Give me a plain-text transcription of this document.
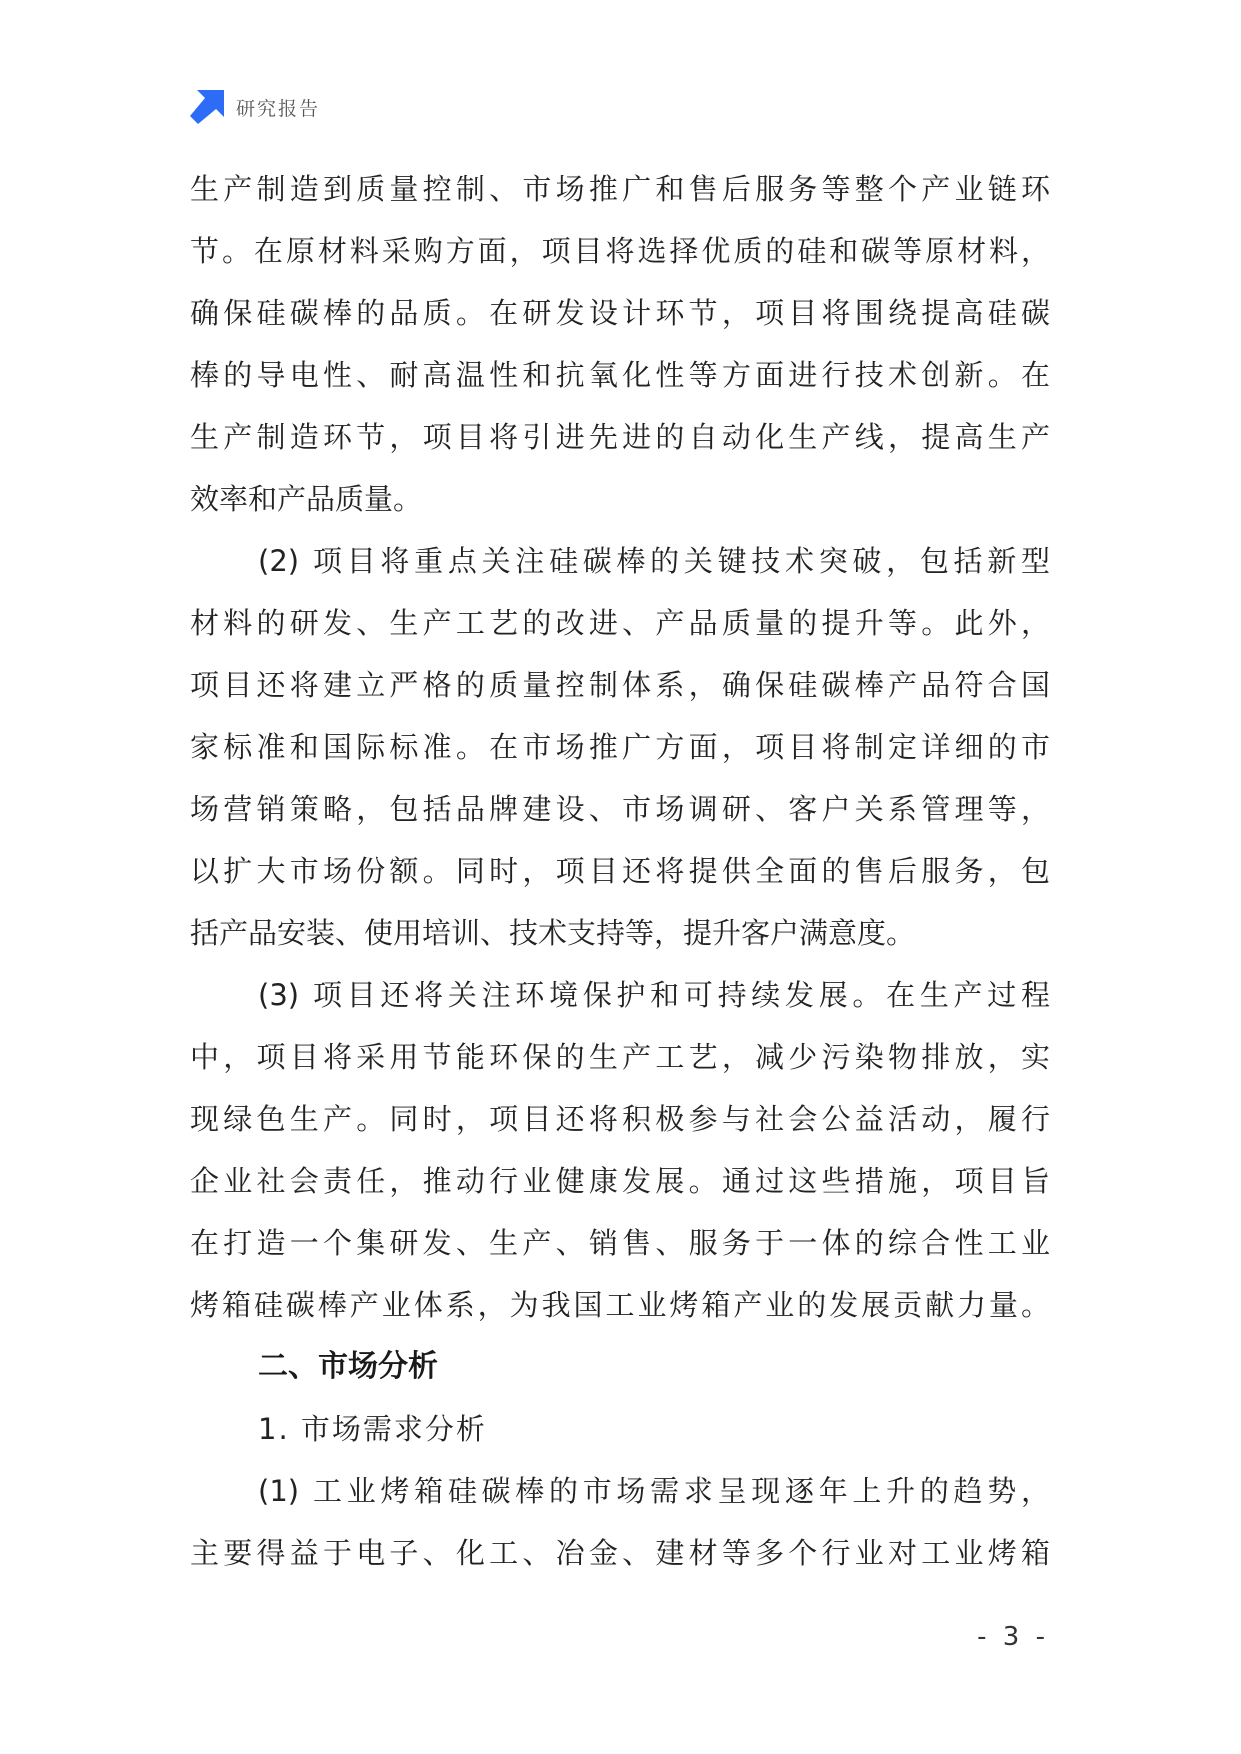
研究报告
生产制造到质量控制、市场推广和售后服务等整个产业链环
节。在原材料采购方面，项目将选择优质的硅和碳等原材料，
确保硅碳棒的品质。在研发设计环节，项目将围绕提高硅碳
棒的导电性、耐高温性和抗氧化性等方面进行技术创新。在
生产制造环节，项目将引进先进的自动化生产线，提高生产
效率和产品质量。
(2) 项目将重点关注硅碳棒的关键技术突破，包括新型
材料的研发、生产工艺的改进、产品质量的提升等。此外，
项目还将建立严格的质量控制体系，确保硅碳棒产品符合国
家标准和国际标准。在市场推广方面，项目将制定详细的市
场营销策略，包括品牌建设、市场调研、客户关系管理等，
以扩大市场份额。同时，项目还将提供全面的售后服务，包
括产品安装、使用培训、技术支持等，提升客户满意度。
(3) 项目还将关注环境保护和可持续发展。在生产过程
中，项目将采用节能环保的生产工艺，减少污染物排放，实
现绿色生产。同时，项目还将积极参与社会公益活动，履行
企业社会责任，推动行业健康发展。通过这些措施，项目旨
在打造一个集研发、生产、销售、服务于一体的综合性工业
烤箱硅碳棒产业体系，为我国工业烤箱产业的发展贡献力量。
二、市场分析
1. 市场需求分析
(1) 工业烤箱硅碳棒的市场需求呈现逐年上升的趋势，
主要得益于电子、化工、冶金、建材等多个行业对工业烤箱
- 3 -
